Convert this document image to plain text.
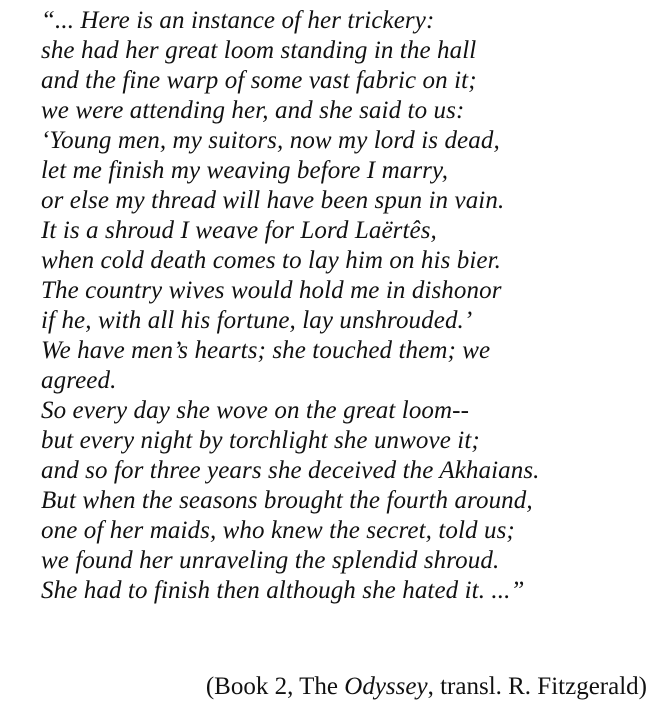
“... Here is an instance of her trickery:
she had her great loom standing in the hall
and the fine warp of some vast fabric on it;
we were attending her, and she said to us:
‘Young men, my suitors, now my lord is dead,
let me finish my weaving before I marry,
or else my thread will have been spun in vain.
It is a shroud I weave for Lord Laërtês,
when cold death comes to lay him on his bier.
The country wives would hold me in dishonor
if he, with all his fortune, lay unshrouded.’
We have men’s hearts; she touched them; we
agreed.
So every day she wove on the great loom--
but every night by torchlight she unwove it;
and so for three years she deceived the Akhaians.
But when the seasons brought the fourth around,
one of her maids, who knew the secret, told us;
we found her unraveling the splendid shroud.
She had to finish then although she hated it. ...”
(Book 2, The Odyssey, transl. R. Fitzgerald)
